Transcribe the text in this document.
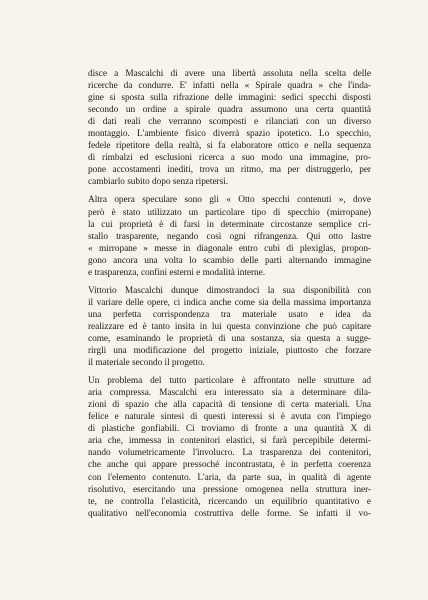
disce a Mascalchi di avere una libertà assoluta nella scelta delle
ricerche da condurre. E' infatti nella « Spirale quadra » che l'inda-
gine si sposta sulla rifrazione delle immagini: sedici specchi disposti
secondo un ordine a spirale quadra assumono una certa quantità
di dati reali che verranno scomposti e rilanciati con un diverso
montaggio. L'ambiente fisico diverrà spazio ipotetico. Lo specchio,
fedele ripetitore della realtà, si fa elaboratore ottico e nella sequenza
di rimbalzi ed esclusioni ricerca a suo modo una immagine, pro-
pone accostamenti inediti, trova un ritmo, ma per distruggerlo, per
cambiarlo subito dopo senza ripetersi.
Altra opera speculare sono gli « Otto specchi contenuti », dove
però è stato utilizzato un particolare tipo di specchio (mirropane)
la cui proprietà è di farsi in determinate circostanze semplice cri-
stallo trasparente, negando così ogni rifrangenza. Qui otto lastre
« mirropane » messe in diagonale entro cubi di plexiglas, propon-
gono ancora una volta lo scambio delle parti alternando immagine
e trasparenza, confini esterni e modalità interne.
Vittorio Mascalchi dunque dimostrandoci la sua disponibilità con
il variare delle opere, ci indica anche come sia della massima importanza
una perfetta corrispondenza tra materiale usato e idea da
realizzare ed è tanto insita in lui questa convinzione che può capitare
come, esaminando le proprietà di una sostanza, sia questa a sugge-
rirgli una modificazione del progetto iniziale, piuttosto che forzare
il materiale secondo il progetto.
Un problema del tutto particolare è affrontato nelle strutture ad
aria compressa. Mascalchi era interessato sia a determinare dila-
zioni di spazio che alla capacità di tensione di certa materiali. Una
felice e naturale sintesi di questi interessi si è avuta con l'impiego
di plastiche gonfiabili. Ci troviamo di fronte a una quantità X di
aria che, immessa in contenitori elastici, si farà percepibile determi-
nando volumetricamente l'involucro. La trasparenza dei contenitori,
che anche qui appare pressoché incontrastata, è in perfetta coerenza
con l'elemento contenuto. L'aria, da parte sua, in qualità di agente
risolutivo, esercitando una pressione omogenea nella struttura iner-
te, ne controlla l'elasticità, ricercando un equilibrio quantitativo e
qualitativo nell'economia costruttiva delle forme. Se infatti il vo-
